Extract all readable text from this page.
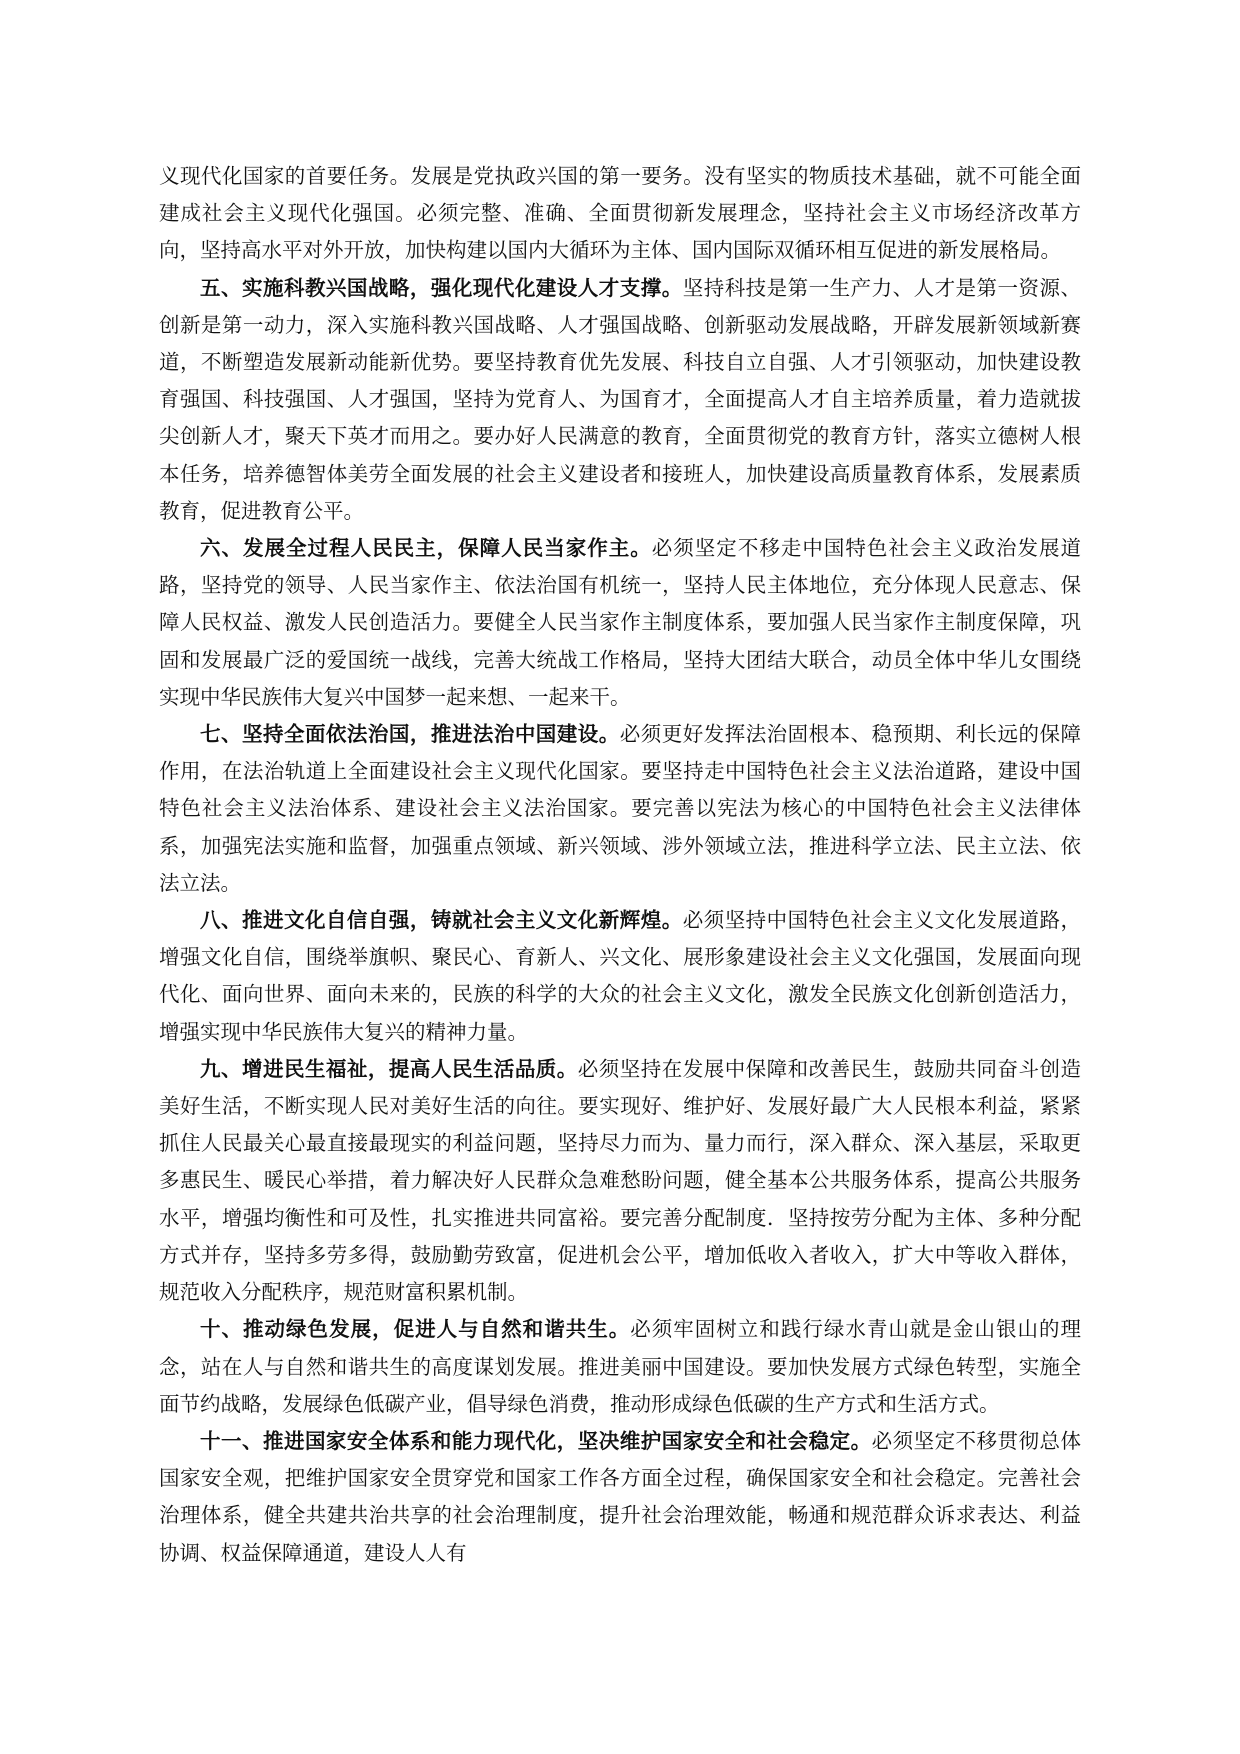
义现代化国家的首要任务。发展是党执政兴国的第一要务。没有坚实的物质技术基础，就不可能全面建成社会主义现代化强国。必须完整、准确、全面贯彻新发展理念，坚持社会主义市场经济改革方向，坚持高水平对外开放，加快构建以国内大循环为主体、国内国际双循环相互促进的新发展格局。

五、实施科教兴国战略，强化现代化建设人才支撑。坚持科技是第一生产力、人才是第一资源、创新是第一动力，深入实施科教兴国战略、人才强国战略、创新驱动发展战略，开辟发展新领域新赛道，不断塑造发展新动能新优势。要坚持教育优先发展、科技自立自强、人才引领驱动，加快建设教育强国、科技强国、人才强国，坚持为党育人、为国育才，全面提高人才自主培养质量，着力造就拔尖创新人才，聚天下英才而用之。要办好人民满意的教育，全面贯彻党的教育方针，落实立德树人根本任务，培养德智体美劳全面发展的社会主义建设者和接班人，加快建设高质量教育体系，发展素质教育，促进教育公平。

六、发展全过程人民民主，保障人民当家作主。必须坚定不移走中国特色社会主义政治发展道路，坚持党的领导、人民当家作主、依法治国有机统一，坚持人民主体地位，充分体现人民意志、保障人民权益、激发人民创造活力。要健全人民当家作主制度体系，要加强人民当家作主制度保障，巩固和发展最广泛的爱国统一战线，完善大统战工作格局，坚持大团结大联合，动员全体中华儿女围绕实现中华民族伟大复兴中国梦一起来想、一起来干。

七、坚持全面依法治国，推进法治中国建设。必须更好发挥法治固根本、稳预期、利长远的保障作用，在法治轨道上全面建设社会主义现代化国家。要坚持走中国特色社会主义法治道路，建设中国特色社会主义法治体系、建设社会主义法治国家。要完善以宪法为核心的中国特色社会主义法律体系，加强宪法实施和监督，加强重点领域、新兴领域、涉外领域立法，推进科学立法、民主立法、依法立法。

八、推进文化自信自强，铸就社会主义文化新辉煌。必须坚持中国特色社会主义文化发展道路，增强文化自信，围绕举旗帜、聚民心、育新人、兴文化、展形象建设社会主义文化强国，发展面向现代化、面向世界、面向未来的，民族的科学的大众的社会主义文化，激发全民族文化创新创造活力，增强实现中华民族伟大复兴的精神力量。

九、增进民生福祉，提高人民生活品质。必须坚持在发展中保障和改善民生，鼓励共同奋斗创造美好生活，不断实现人民对美好生活的向往。要实现好、维护好、发展好最广大人民根本利益，紧紧抓住人民最关心最直接最现实的利益问题，坚持尽力而为、量力而行，深入群众、深入基层，采取更多惠民生、暖民心举措，着力解决好人民群众急难愁盼问题，健全基本公共服务体系，提高公共服务水平，增强均衡性和可及性，扎实推进共同富裕。要完善分配制度．坚持按劳分配为主体、多种分配方式并存，坚持多劳多得，鼓励勤劳致富，促进机会公平，增加低收入者收入，扩大中等收入群体，规范收入分配秩序，规范财富积累机制。

十、推动绿色发展，促进人与自然和谐共生。必须牢固树立和践行绿水青山就是金山银山的理念，站在人与自然和谐共生的高度谋划发展。推进美丽中国建设。要加快发展方式绿色转型，实施全面节约战略，发展绿色低碳产业，倡导绿色消费，推动形成绿色低碳的生产方式和生活方式。

十一、推进国家安全体系和能力现代化，坚决维护国家安全和社会稳定。必须坚定不移贯彻总体国家安全观，把维护国家安全贯穿党和国家工作各方面全过程，确保国家安全和社会稳定。完善社会治理体系，健全共建共治共享的社会治理制度，提升社会治理效能，畅通和规范群众诉求表达、利益协调、权益保障通道，建设人人有
